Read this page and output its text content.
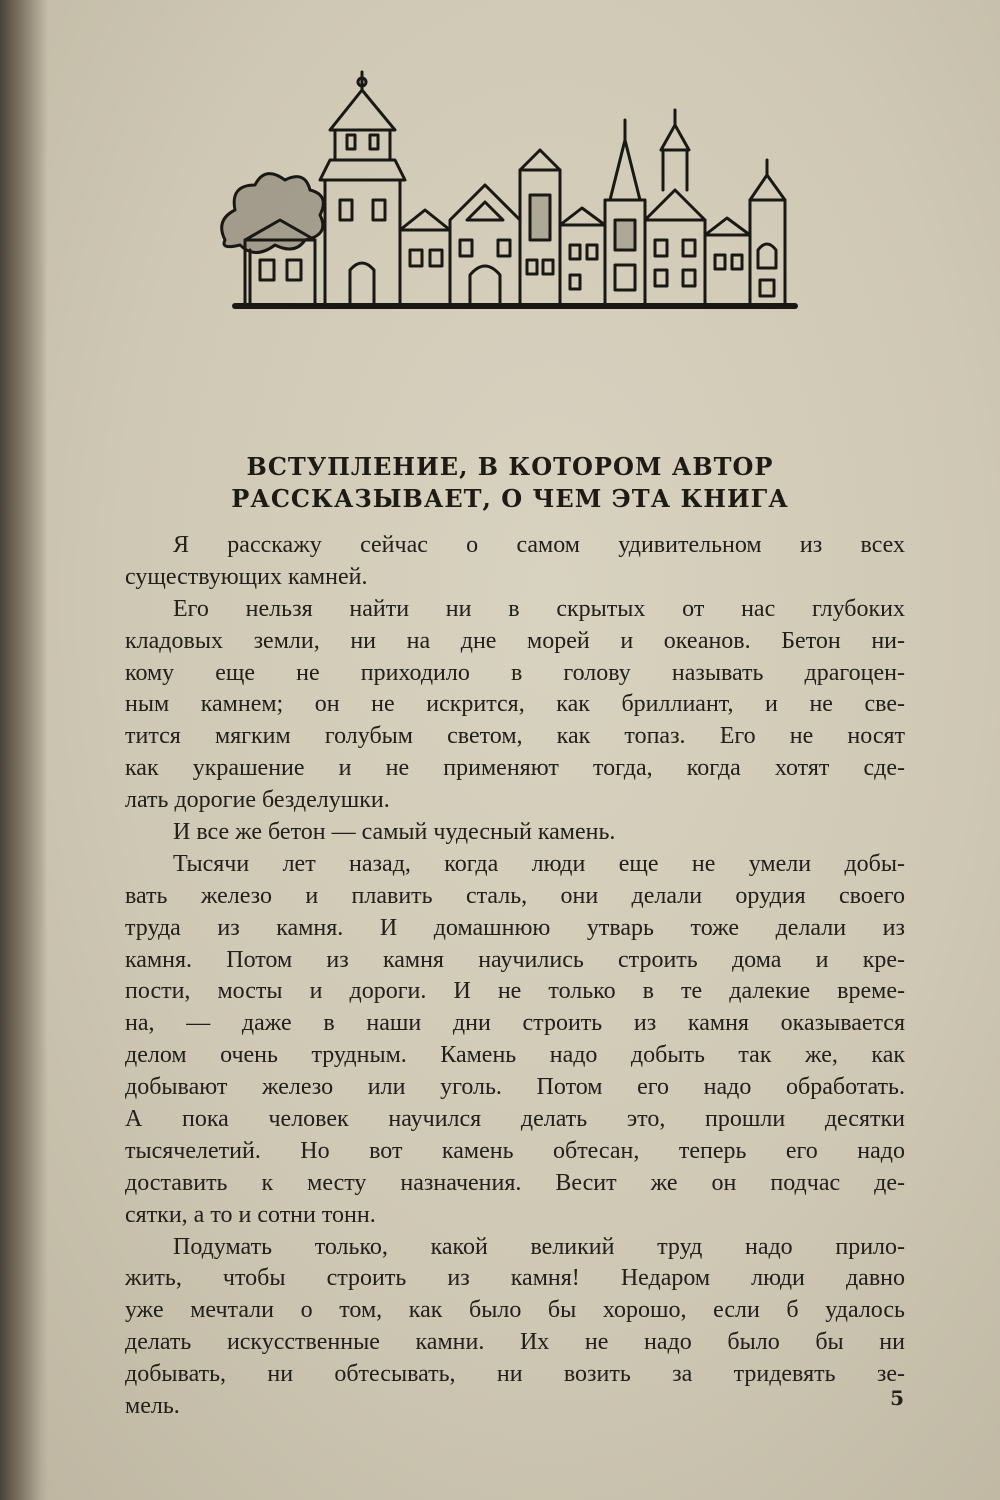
ВСТУПЛЕНИЕ, В КОТОРОМ АВТОР
РАССКАЗЫВАЕТ, О ЧЕМ ЭТА КНИГА
Я расскажу сейчас о самом удивительном из всех
существующих камней.
Его нельзя найти ни в скрытых от нас глубоких
кладовых земли, ни на дне морей и океанов. Бетон ни-
кому еще не приходило в голову называть драгоцен-
ным камнем; он не искрится, как бриллиант, и не све-
тится мягким голубым светом, как топаз. Его не носят
как украшение и не применяют тогда, когда хотят сде-
лать дорогие безделушки.
И все же бетон — самый чудесный камень.
Тысячи лет назад, когда люди еще не умели добы-
вать железо и плавить сталь, они делали орудия своего
труда из камня. И домашнюю утварь тоже делали из
камня. Потом из камня научились строить дома и кре-
пости, мосты и дороги. И не только в те далекие време-
на, — даже в наши дни строить из камня оказывается
делом очень трудным. Камень надо добыть так же, как
добывают железо или уголь. Потом его надо обработать.
А пока человек научился делать это, прошли десятки
тысячелетий. Но вот камень обтесан, теперь его надо
доставить к месту назначения. Весит же он подчас де-
сятки, а то и сотни тонн.
Подумать только, какой великий труд надо прило-
жить, чтобы строить из камня! Недаром люди давно
уже мечтали о том, как было бы хорошо, если б удалось
делать искусственные камни. Их не надо было бы ни
добывать, ни обтесывать, ни возить за тридевять зе-
мель.	5
